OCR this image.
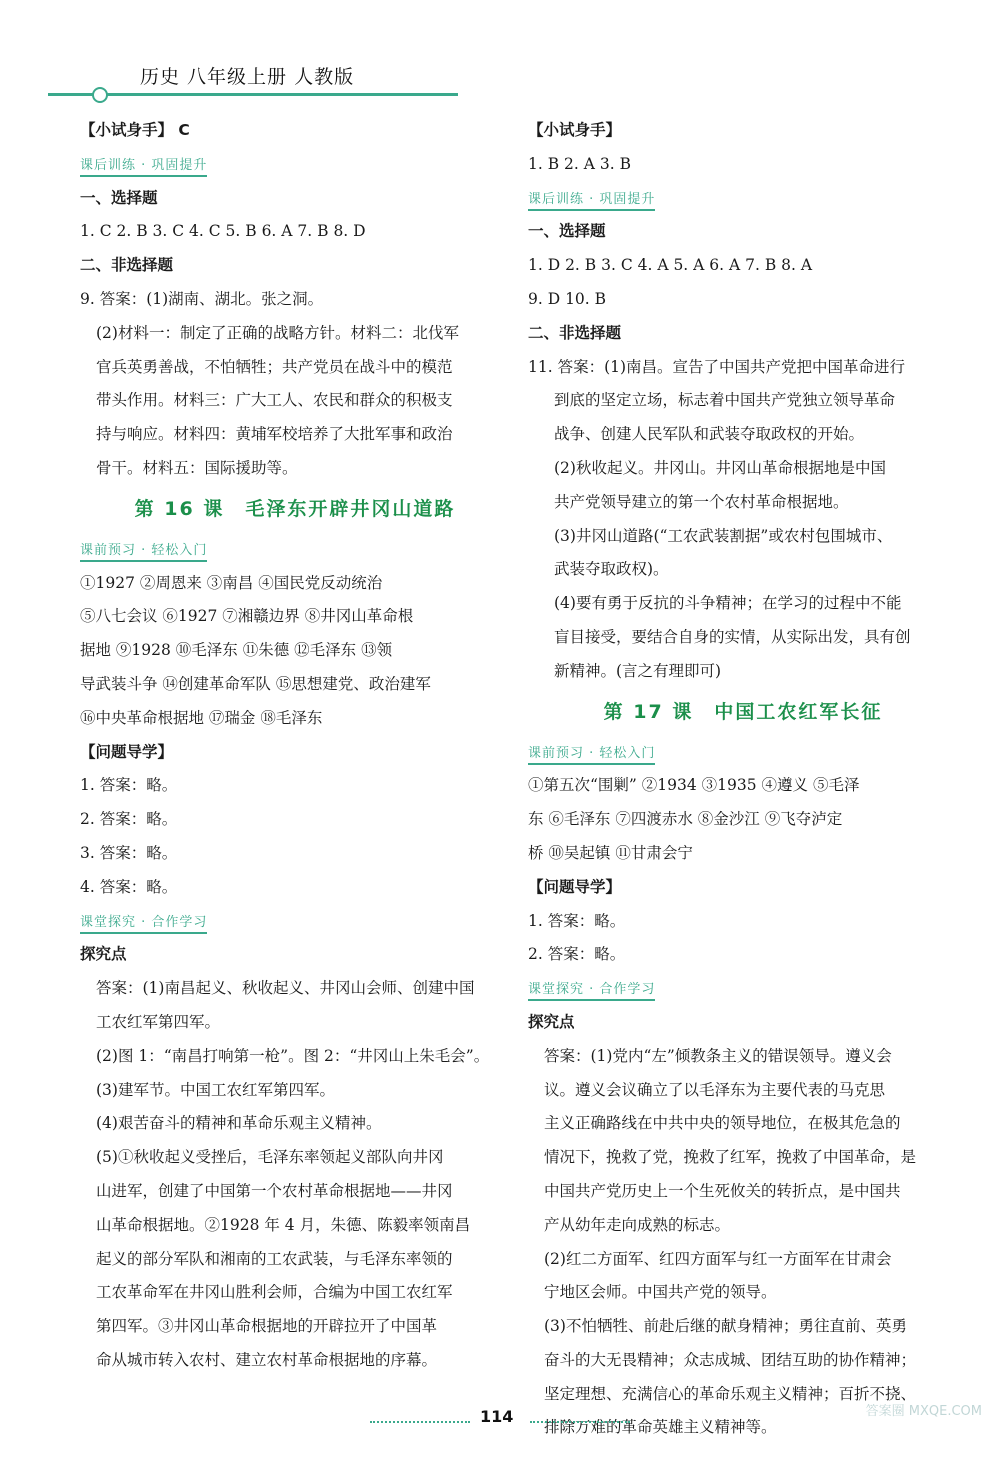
历史 八年级上册 人教版
【小试身手】 C
课后训练 · 巩固提升
一、选择题
1. C 2. B 3. C 4. C 5. B 6. A 7. B 8. D
二、非选择题
9. 答案：(1)湖南、湖北。张之洞。
(2)材料一：制定了正确的战略方针。材料二：北伐军
官兵英勇善战，不怕牺牲；共产党员在战斗中的模范
带头作用。材料三：广大工人、农民和群众的积极支
持与响应。材料四：黄埔军校培养了大批军事和政治
骨干。材料五：国际援助等。
第 16 课　毛泽东开辟井冈山道路
课前预习 · 轻松入门
①1927 ②周恩来 ③南昌 ④国民党反动统治
⑤八七会议 ⑥1927 ⑦湘赣边界 ⑧井冈山革命根
据地 ⑨1928 ⑩毛泽东 ⑪朱德 ⑫毛泽东 ⑬领
导武装斗争 ⑭创建革命军队 ⑮思想建党、政治建军
⑯中央革命根据地 ⑰瑞金 ⑱毛泽东
【问题导学】
1. 答案：略。
2. 答案：略。
3. 答案：略。
4. 答案：略。
课堂探究 · 合作学习
探究点
答案：(1)南昌起义、秋收起义、井冈山会师、创建中国
工农红军第四军。
(2)图 1：“南昌打响第一枪”。图 2：“井冈山上朱毛会”。
(3)建军节。中国工农红军第四军。
(4)艰苦奋斗的精神和革命乐观主义精神。
(5)①秋收起义受挫后，毛泽东率领起义部队向井冈
山进军，创建了中国第一个农村革命根据地——井冈
山革命根据地。②1928 年 4 月，朱德、陈毅率领南昌
起义的部分军队和湘南的工农武装，与毛泽东率领的
工农革命军在井冈山胜利会师，合编为中国工农红军
第四军。③井冈山革命根据地的开辟拉开了中国革
命从城市转入农村、建立农村革命根据地的序幕。
【小试身手】
1. B 2. A 3. B
课后训练 · 巩固提升
一、选择题
1. D 2. B 3. C 4. A 5. A 6. A 7. B 8. A
9. D 10. B
二、非选择题
11. 答案：(1)南昌。宣告了中国共产党把中国革命进行
到底的坚定立场，标志着中国共产党独立领导革命
战争、创建人民军队和武装夺取政权的开始。
(2)秋收起义。井冈山。井冈山革命根据地是中国
共产党领导建立的第一个农村革命根据地。
(3)井冈山道路(“工农武装割据”或农村包围城市、
武装夺取政权)。
(4)要有勇于反抗的斗争精神；在学习的过程中不能
盲目接受，要结合自身的实情，从实际出发，具有创
新精神。(言之有理即可)
第 17 课　中国工农红军长征
课前预习 · 轻松入门
①第五次“围剿” ②1934 ③1935 ④遵义 ⑤毛泽
东 ⑥毛泽东 ⑦四渡赤水 ⑧金沙江 ⑨飞夺泸定
桥 ⑩吴起镇 ⑪甘肃会宁
【问题导学】
1. 答案：略。
2. 答案：略。
课堂探究 · 合作学习
探究点
答案：(1)党内“左”倾教条主义的错误领导。遵义会
议。遵义会议确立了以毛泽东为主要代表的马克思
主义正确路线在中共中央的领导地位，在极其危急的
情况下，挽救了党，挽救了红军，挽救了中国革命，是
中国共产党历史上一个生死攸关的转折点，是中国共
产从幼年走向成熟的标志。
(2)红二方面军、红四方面军与红一方面军在甘肃会
宁地区会师。中国共产党的领导。
(3)不怕牺牲、前赴后继的献身精神；勇往直前、英勇
奋斗的大无畏精神；众志成城、团结互助的协作精神；
坚定理想、充满信心的革命乐观主义精神；百折不挠、
排除万难的革命英雄主义精神等。
114	答案圈 MXQE.COM
